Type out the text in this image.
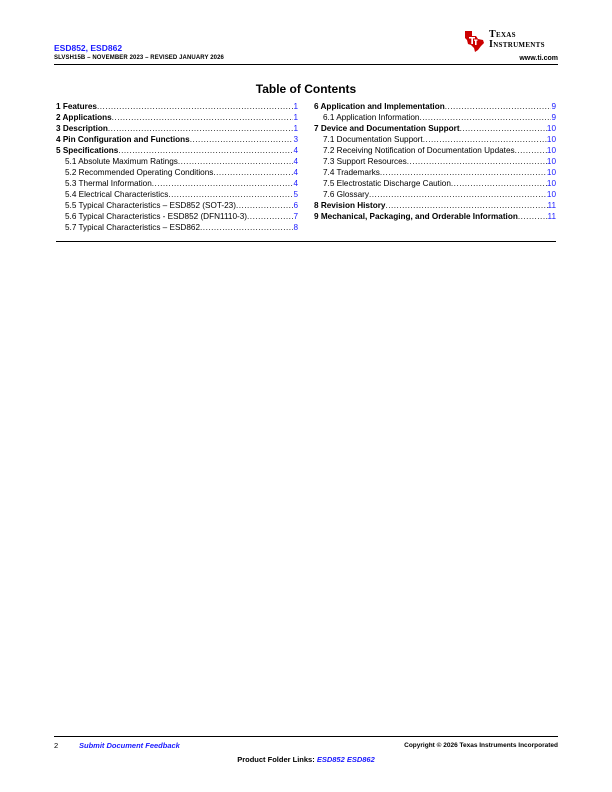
ESD852, ESD862
SLVSH15B – NOVEMBER 2023 – REVISED JANUARY 2026
Texas
Instruments
www.ti.com
Table of Contents
1 Features .....	1
2 Applications .....	1
3 Description .....	1
4 Pin Configuration and Functions .....	3
5 Specifications .....	4
5.1 Absolute Maximum Ratings .....	4
5.2 Recommended Operating Conditions .....	4
5.3 Thermal Information .....	4
5.4 Electrical Characteristics .....	5
5.5 Typical Characteristics – ESD852 (SOT-23) .....	6
5.6 Typical Characteristics - ESD852 (DFN1110-3) .....	7
5.7 Typical Characteristics – ESD862 .....	8
6 Application and Implementation .....	9
6.1 Application Information .....	9
7 Device and Documentation Support .....	10
7.1 Documentation Support .....	10
7.2 Receiving Notification of Documentation Updates .....	10
7.3 Support Resources .....	10
7.4 Trademarks .....	10
7.5 Electrostatic Discharge Caution .....	10
7.6 Glossary .....	10
8 Revision History .....	11
9 Mechanical, Packaging, and Orderable Information .....	11
2	Submit Document Feedback	Copyright © 2026 Texas Instruments Incorporated
Product Folder Links: ESD852 ESD862
